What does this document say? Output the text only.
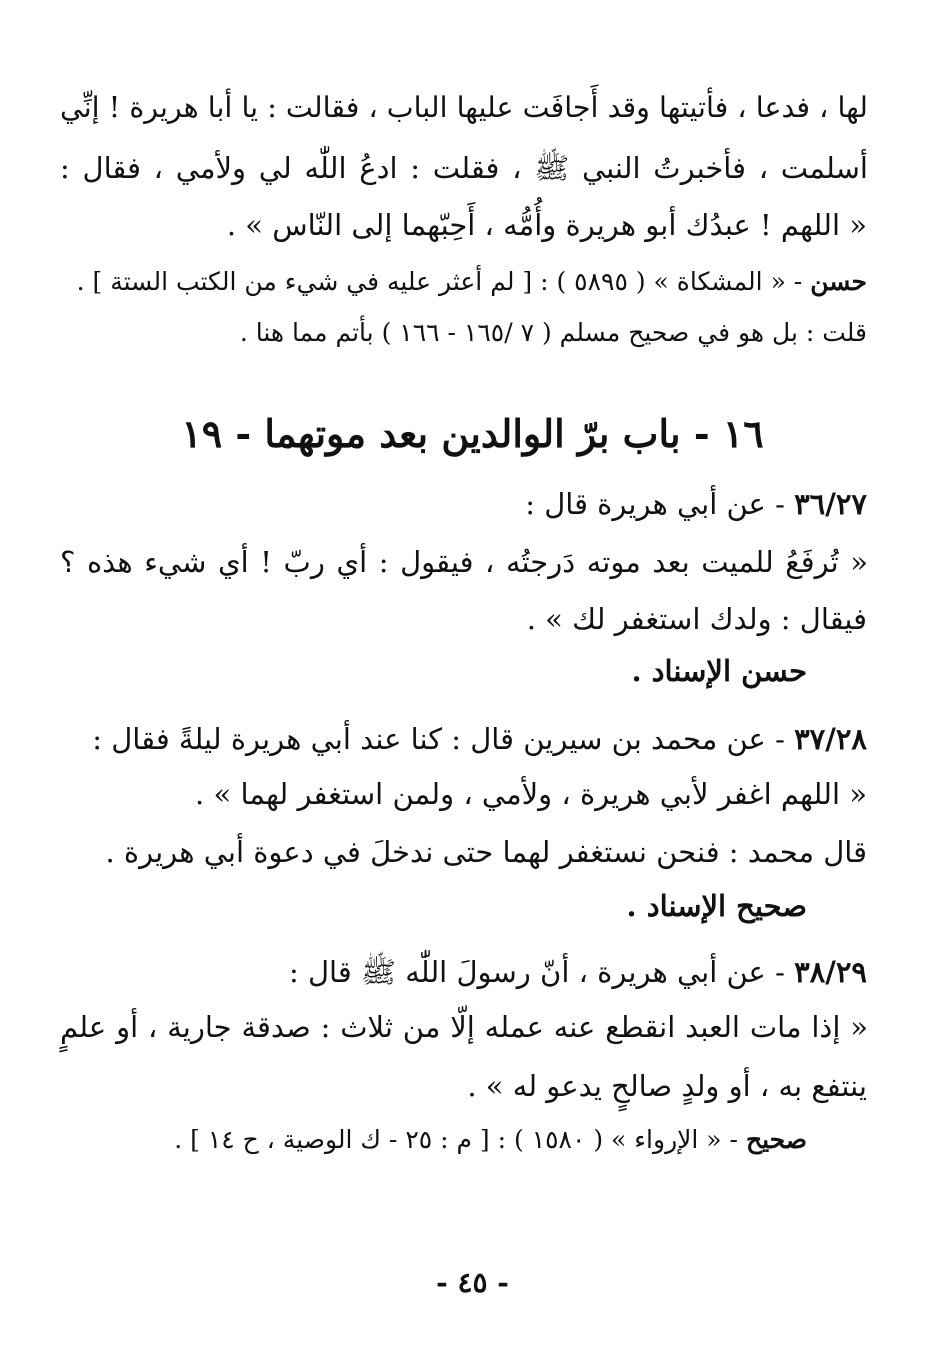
لها ، فدعا ، فأتيتها وقد أَجافَت عليها الباب ، فقالت : يا أبا هريرة ! إنِّي
أسلمت ، فأخبرتُ النبي ﷺ ، فقلت : ادعُ اللّٰه لي ولأمي ، فقال :
« اللهم ! عبدُك أبو هريرة وأُمُّه ، أَحِبّهما إلى النّاس » .
حسن - « المشكاة » ( ٥٨٩٥ ) : [ لم أعثر عليه في شيء من الكتب الستة ] .
قلت : بل هو في صحيح مسلم ( ٧ /١٦٥ - ١٦٦ ) بأتم مما هنا .
١٦ - باب برّ الوالدين بعد موتهما - ١٩
٣٦/٢٧ - عن أبي هريرة قال :
« تُرفَعُ للميت بعد موته دَرجتُه ، فيقول : أي ربّ ! أي شيء هذه ؟
فيقال : ولدك استغفر لك » .
حسن الإسناد .
٣٧/٢٨ - عن محمد بن سيرين قال : كنا عند أبي هريرة ليلةً فقال :
« اللهم اغفر لأبي هريرة ، ولأمي ، ولمن استغفر لهما » .
قال محمد : فنحن نستغفر لهما حتى ندخلَ في دعوة أبي هريرة .
صحيح الإسناد .
٣٨/٢٩ - عن أبي هريرة ، أنّ رسولَ اللّٰه ﷺ قال :
« إذا مات العبد انقطع عنه عمله إلّا من ثلاث : صدقة جارية ، أو علمٍ
ينتفع به ، أو ولدٍ صالحٍ يدعو له » .
صحيح - « الإرواء » ( ١٥٨٠ ) : [ م : ٢٥ - ك الوصية ، ح ١٤ ] .
- ٤٥ -
